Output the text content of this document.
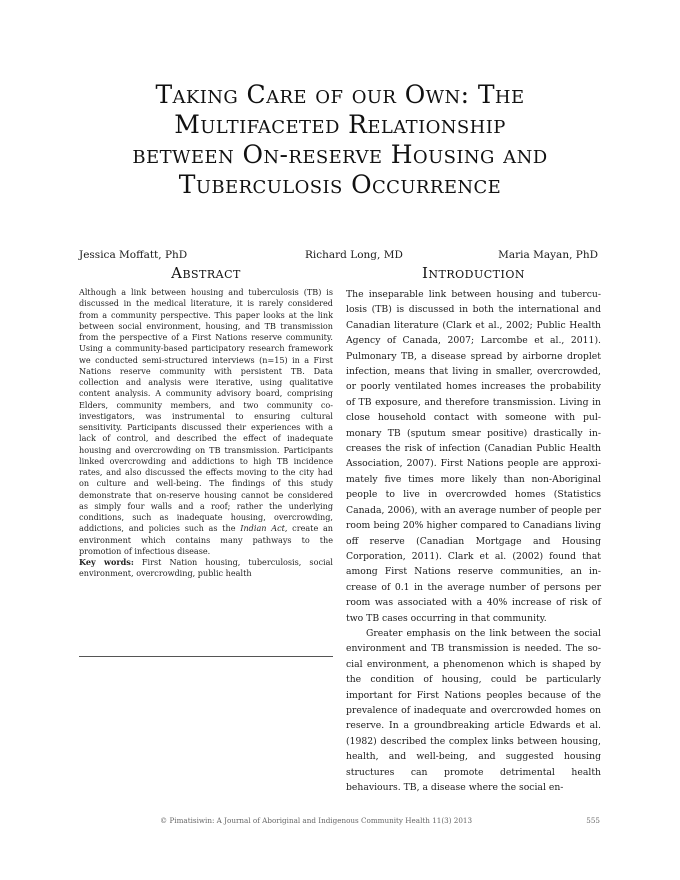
Taking Care of our Own: The
Multifaceted Relationship
between On-reserve Housing and
Tuberculosis Occurrence
Jessica Moffatt, PhD	Richard Long, MD	Maria Mayan, PhD
Abstract

Although a link between housing and tuberculosis (TB) is discussed in the medical literature, it is rarely considered from a community perspective. This paper looks at the link between social environment, housing, and TB transmission from the perspective of a First Nations reserve community. Using a community-based participatory research framework we conducted semi-structured interviews (n=15) in a First Nations reserve community with persistent TB. Data collection and analysis were iterative, using qualitative content analysis. A community advisory board, comprising Elders, community members, and two community co-investigators, was instrumental to ensuring cultural sensitivity. Participants discussed their experiences with a lack of control, and described the effect of inadequate housing and overcrowding on TB transmission. Participants linked overcrowding and addictions to high TB incidence rates, and also discussed the effects moving to the city had on culture and well-being. The findings of this study demonstrate that on-reserve housing cannot be considered as simply four walls and a roof; rather the underlying conditions, such as inadequate housing, overcrowding, addictions, and policies such as the Indian Act, create an environment which contains many pathways to the promotion of infectious disease.

Key words: First Nation housing, tuberculosis, social environment, overcrowding, public health

Introduction

The inseparable link between housing and tuberculosis (TB) is discussed in both the international and Canadian literature (Clark et al., 2002; Public Health Agency of Canada, 2007; Larcombe et al., 2011). Pulmonary TB, a disease spread by airborne droplet infection, means that living in smaller, overcrowded, or poorly ventilated homes increases the probability of TB exposure, and therefore transmission. Living in close household contact with someone with pulmonary TB (sputum smear positive) drastically increases the risk of infection (Canadian Public Health Association, 2007). First Nations people are approximately five times more likely than non-Aboriginal people to live in overcrowded homes (Statistics Canada, 2006), with an average number of people per room being 20% higher compared to Canadians living off reserve (Canadian Mortgage and Housing Corporation, 2011). Clark et al. (2002) found that among First Nations reserve communities, an increase of 0.1 in the average number of persons per room was associated with a 40% increase of risk of two TB cases occurring in that community.

Greater emphasis on the link between the social environment and TB transmission is needed. The social environment, a phenomenon which is shaped by the condition of housing, could be particularly important for First Nations peoples because of the prevalence of inadequate and overcrowded homes on reserve. In a groundbreaking article Edwards et al. (1982) described the complex links between housing, health, and well-being, and suggested housing structures can promote detrimental health behaviours. TB, a disease where the social en-

© Pimatisiwin: A Journal of Aboriginal and Indigenous Community Health 11(3) 2013	555
